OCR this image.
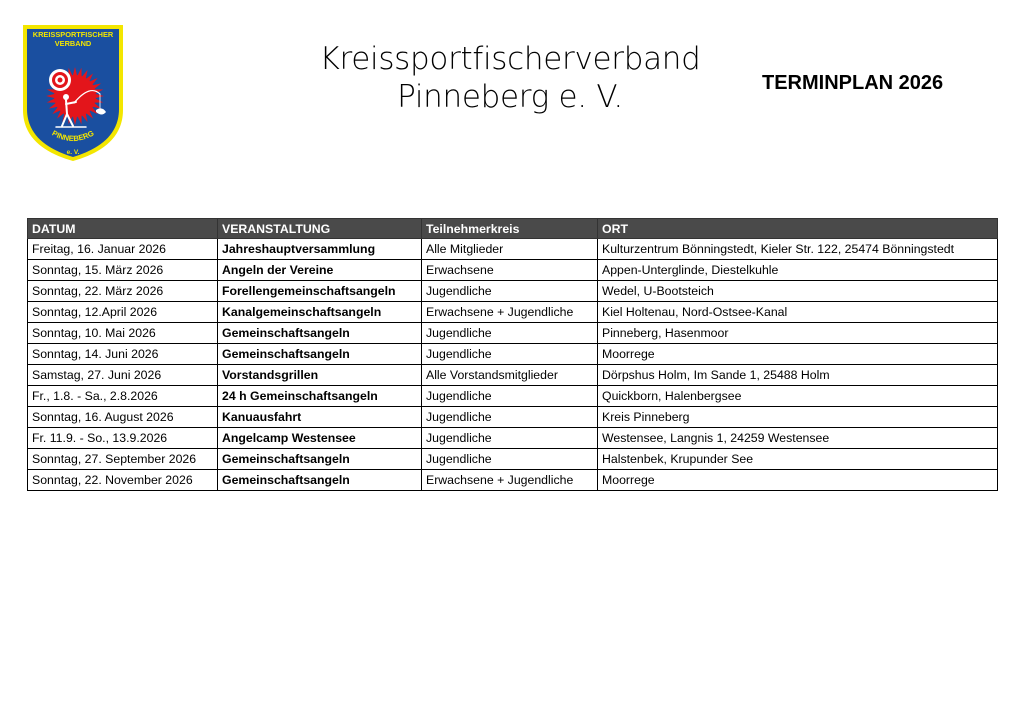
KREISSPORTFISCHER
VERBAND
PINNEBERG
e. V.
Kreissportfischerverband
Pinneberg e. V.	TERMINPLAN 2026
DATUM	VERANSTALTUNG	Teilnehmerkreis	ORT
Freitag, 16. Januar 2026	Jahreshauptversammlung	Alle Mitglieder	Kulturzentrum Bönningstedt, Kieler Str. 122, 25474 Bönningstedt
Sonntag, 15. März 2026	Angeln der Vereine	Erwachsene	Appen-Unterglinde, Diestelkuhle
Sonntag, 22. März 2026	Forellengemeinschaftsangeln	Jugendliche	Wedel, U-Bootsteich
Sonntag, 12.April 2026	Kanalgemeinschaftsangeln	Erwachsene + Jugendliche	Kiel Holtenau, Nord-Ostsee-Kanal
Sonntag, 10. Mai 2026	Gemeinschaftsangeln	Jugendliche	Pinneberg, Hasenmoor
Sonntag, 14. Juni 2026	Gemeinschaftsangeln	Jugendliche	Moorrege
Samstag, 27. Juni 2026	Vorstandsgrillen	Alle Vorstandsmitglieder	Dörpshus Holm, Im Sande 1, 25488 Holm
Fr., 1.8. - Sa., 2.8.2026	24 h Gemeinschaftsangeln	Jugendliche	Quickborn, Halenbergsee
Sonntag, 16. August 2026	Kanuausfahrt	Jugendliche	Kreis Pinneberg
Fr. 11.9. - So., 13.9.2026	Angelcamp Westensee	Jugendliche	Westensee, Langnis 1, 24259 Westensee
Sonntag, 27. September 2026	Gemeinschaftsangeln	Jugendliche	Halstenbek, Krupunder See
Sonntag, 22. November 2026	Gemeinschaftsangeln	Erwachsene + Jugendliche	Moorrege
